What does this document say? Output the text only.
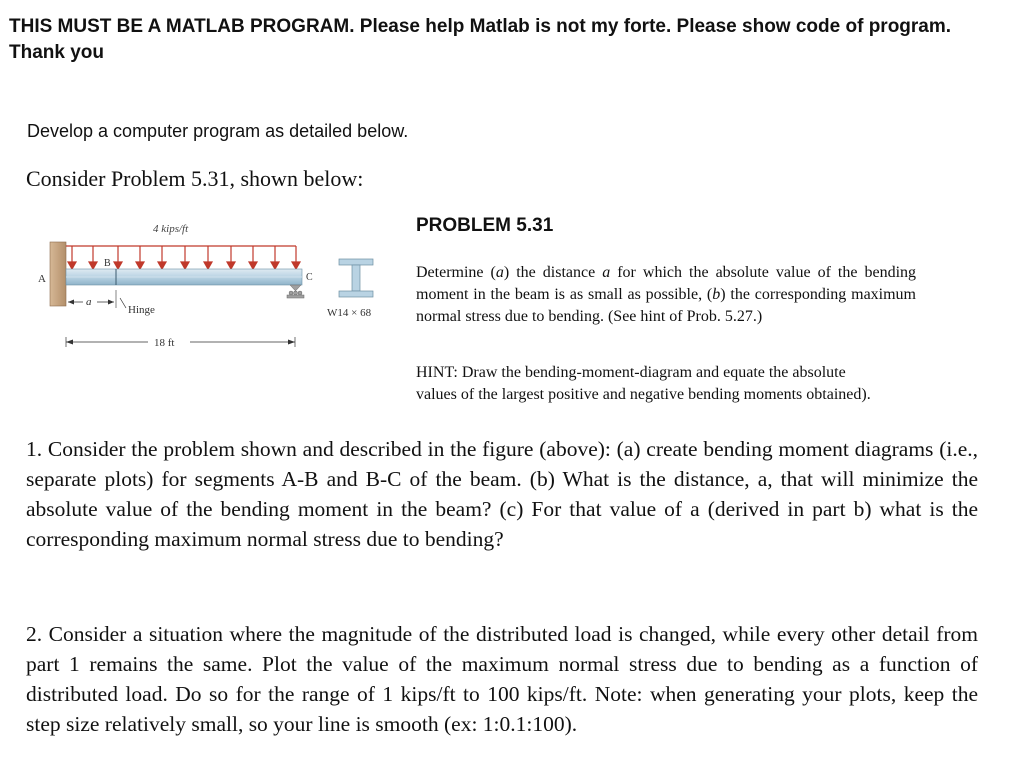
THIS MUST BE A MATLAB PROGRAM. Please help Matlab is not my forte. Please show code of program. Thank you
Develop a computer program as detailed below.
Consider Problem 5.31, shown below:
A
4 kips/ft
B
C
a
Hinge
18 ft
W14 × 68
PROBLEM 5.31
Determine (a) the distance a for which the absolute value of the bending moment in the beam is as small as possible, (b) the corresponding maximum normal stress due to bending. (See hint of Prob. 5.27.)
HINT: Draw the bending-moment-diagram and equate the absolute
values of the largest positive and negative bending moments obtained).
1. Consider the problem shown and described in the figure (above): (a) create bending moment diagrams (i.e., separate plots) for segments A-B and B-C of the beam. (b) What is the distance, a, that will minimize the absolute value of the bending moment in the beam? (c) For that value of a (derived in part b) what is the corresponding maximum normal stress due to bending?
2. Consider a situation where the magnitude of the distributed load is changed, while every other detail from part 1 remains the same. Plot the value of the maximum normal stress due to bending as a function of distributed load. Do so for the range of 1 kips/ft to 100 kips/ft. Note: when generating your plots, keep the step size relatively small, so your line is smooth (ex: 1:0.1:100).
